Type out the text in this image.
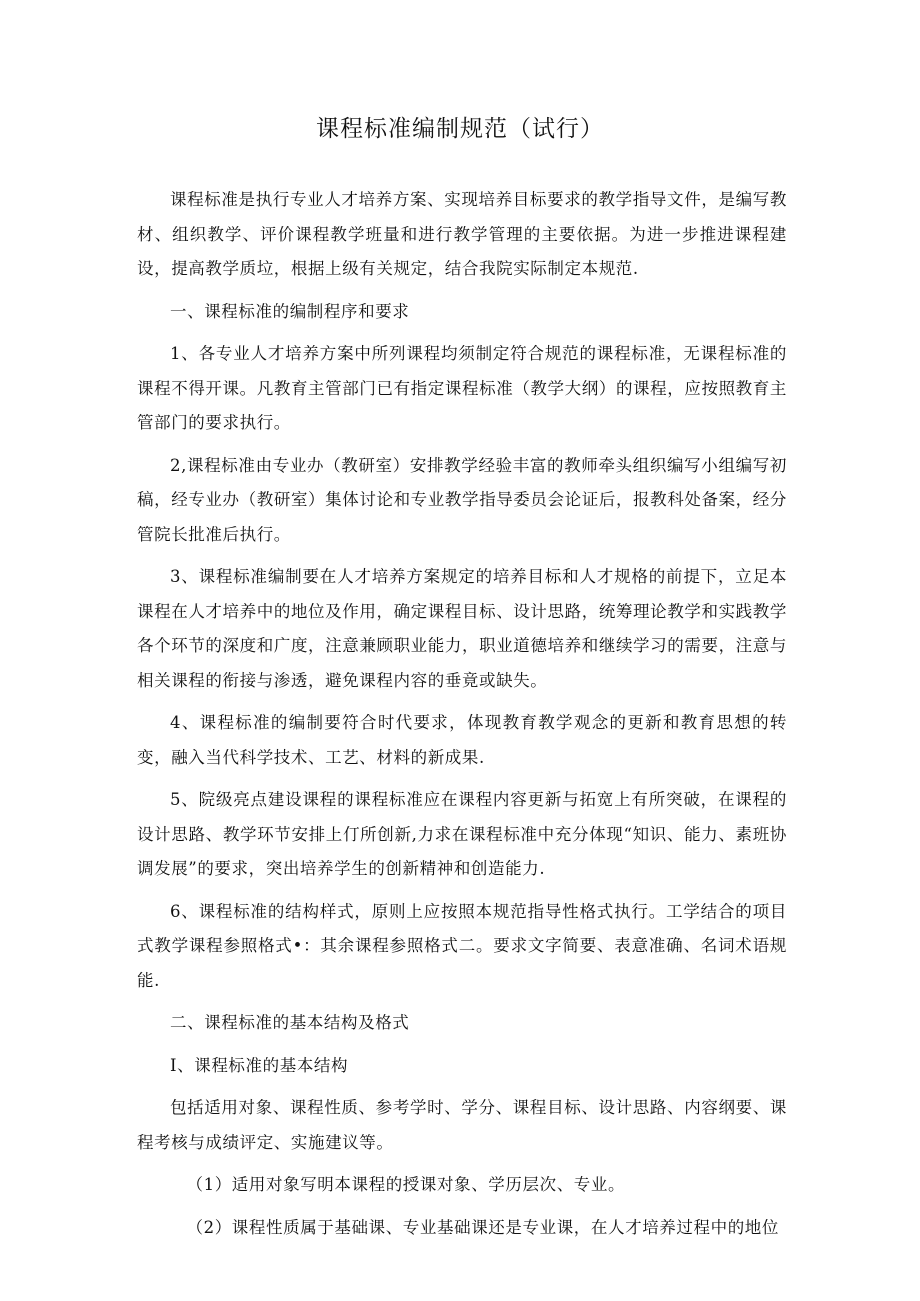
课程标准编制规范（试行）

课程标准是执行专业人才培养方案、实现培养目标要求的教学指导文件，是编写教材、组织教学、评价课程教学班量和进行教学管理的主要依据。为进一步推进课程建设，提高教学质垃，根据上级有关规定，结合我院实际制定本规范.

一、课程标准的编制程序和要求

1、各专业人才培养方案中所列课程均须制定符合规范的课程标准，无课程标准的课程不得开课。凡教育主管部门已有指定课程标准（教学大纲）的课程，应按照教育主管部门的要求执行。

2,课程标准由专业办（教研室）安排教学经验丰富的教师牵头组织编写小组编写初稿，经专业办（教研室）集体讨论和专业教学指导委员会论证后，报教科处备案，经分管院长批准后执行。

3、课程标准编制要在人才培养方案规定的培养目标和人才规格的前提下，立足本课程在人才培养中的地位及作用，确定课程目标、设计思路，统筹理论教学和实践教学各个环节的深度和广度，注意兼顾职业能力，职业道德培养和继续学习的需要，注意与相关课程的衔接与渗透，避免课程内容的垂竟或缺失。

4、课程标准的编制要符合时代要求，体现教育教学观念的更新和教育思想的转变，融入当代科学技术、工艺、材料的新成果.

5、院级亮点建设课程的课程标准应在课程内容更新与拓宽上有所突破，在课程的设计思路、教学环节安排上仃所创新,力求在课程标准中充分体现“知识、能力、素班协调发展”的要求，突出培养学生的创新精神和创造能力.

6、课程标准的结构样式，原则上应按照本规范指导性格式执行。工学结合的项目式教学课程参照格式•：其余课程参照格式二。要求文字简要、表意准确、名词术语规能.

二、课程标准的基本结构及格式

I、课程标准的基本结构

包括适用对象、课程性质、参考学时、学分、课程目标、设计思路、内容纲要、课程考核与成绩评定、实施建议等。

（1）适用对象写明本课程的授课对象、学历层次、专业。

（2）课程性质属于基础课、专业基础课还是专业课，在人才培养过程中的地位
